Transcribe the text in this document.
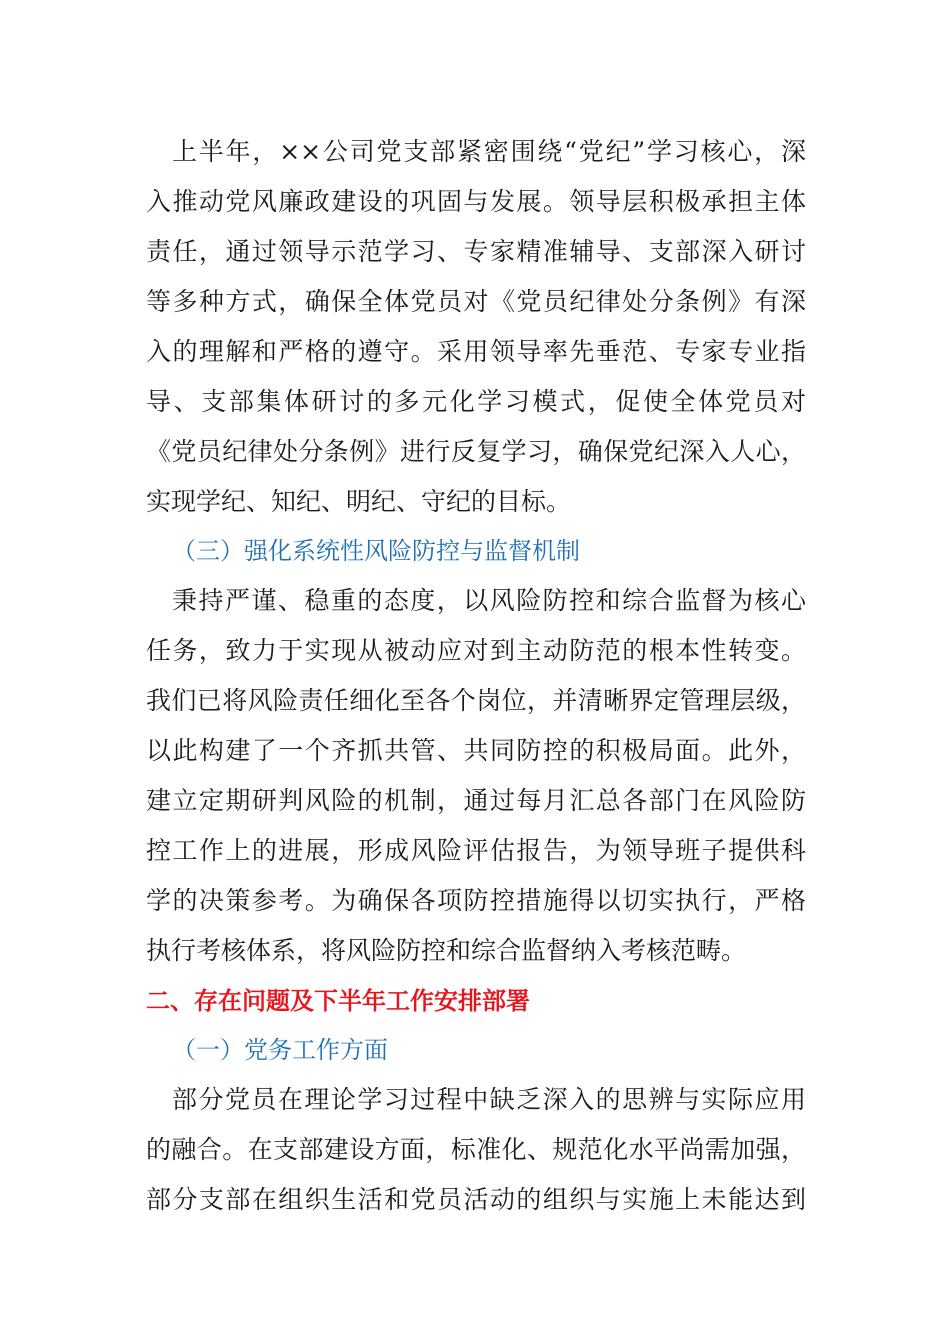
上半年，××公司党支部紧密围绕“党纪”学习核心，深
入推动党风廉政建设的巩固与发展。领导层积极承担主体
责任，通过领导示范学习、专家精准辅导、支部深入研讨
等多种方式，确保全体党员对《党员纪律处分条例》有深
入的理解和严格的遵守。采用领导率先垂范、专家专业指
导、支部集体研讨的多元化学习模式，促使全体党员对
《党员纪律处分条例》进行反复学习，确保党纪深入人心，
实现学纪、知纪、明纪、守纪的目标。
（三）强化系统性风险防控与监督机制
秉持严谨、稳重的态度，以风险防控和综合监督为核心
任务，致力于实现从被动应对到主动防范的根本性转变。
我们已将风险责任细化至各个岗位，并清晰界定管理层级，
以此构建了一个齐抓共管、共同防控的积极局面。此外，
建立定期研判风险的机制，通过每月汇总各部门在风险防
控工作上的进展，形成风险评估报告，为领导班子提供科
学的决策参考。为确保各项防控措施得以切实执行，严格
执行考核体系，将风险防控和综合监督纳入考核范畴。
二、存在问题及下半年工作安排部署
（一）党务工作方面
部分党员在理论学习过程中缺乏深入的思辨与实际应用
的融合。在支部建设方面，标准化、规范化水平尚需加强，
部分支部在组织生活和党员活动的组织与实施上未能达到
